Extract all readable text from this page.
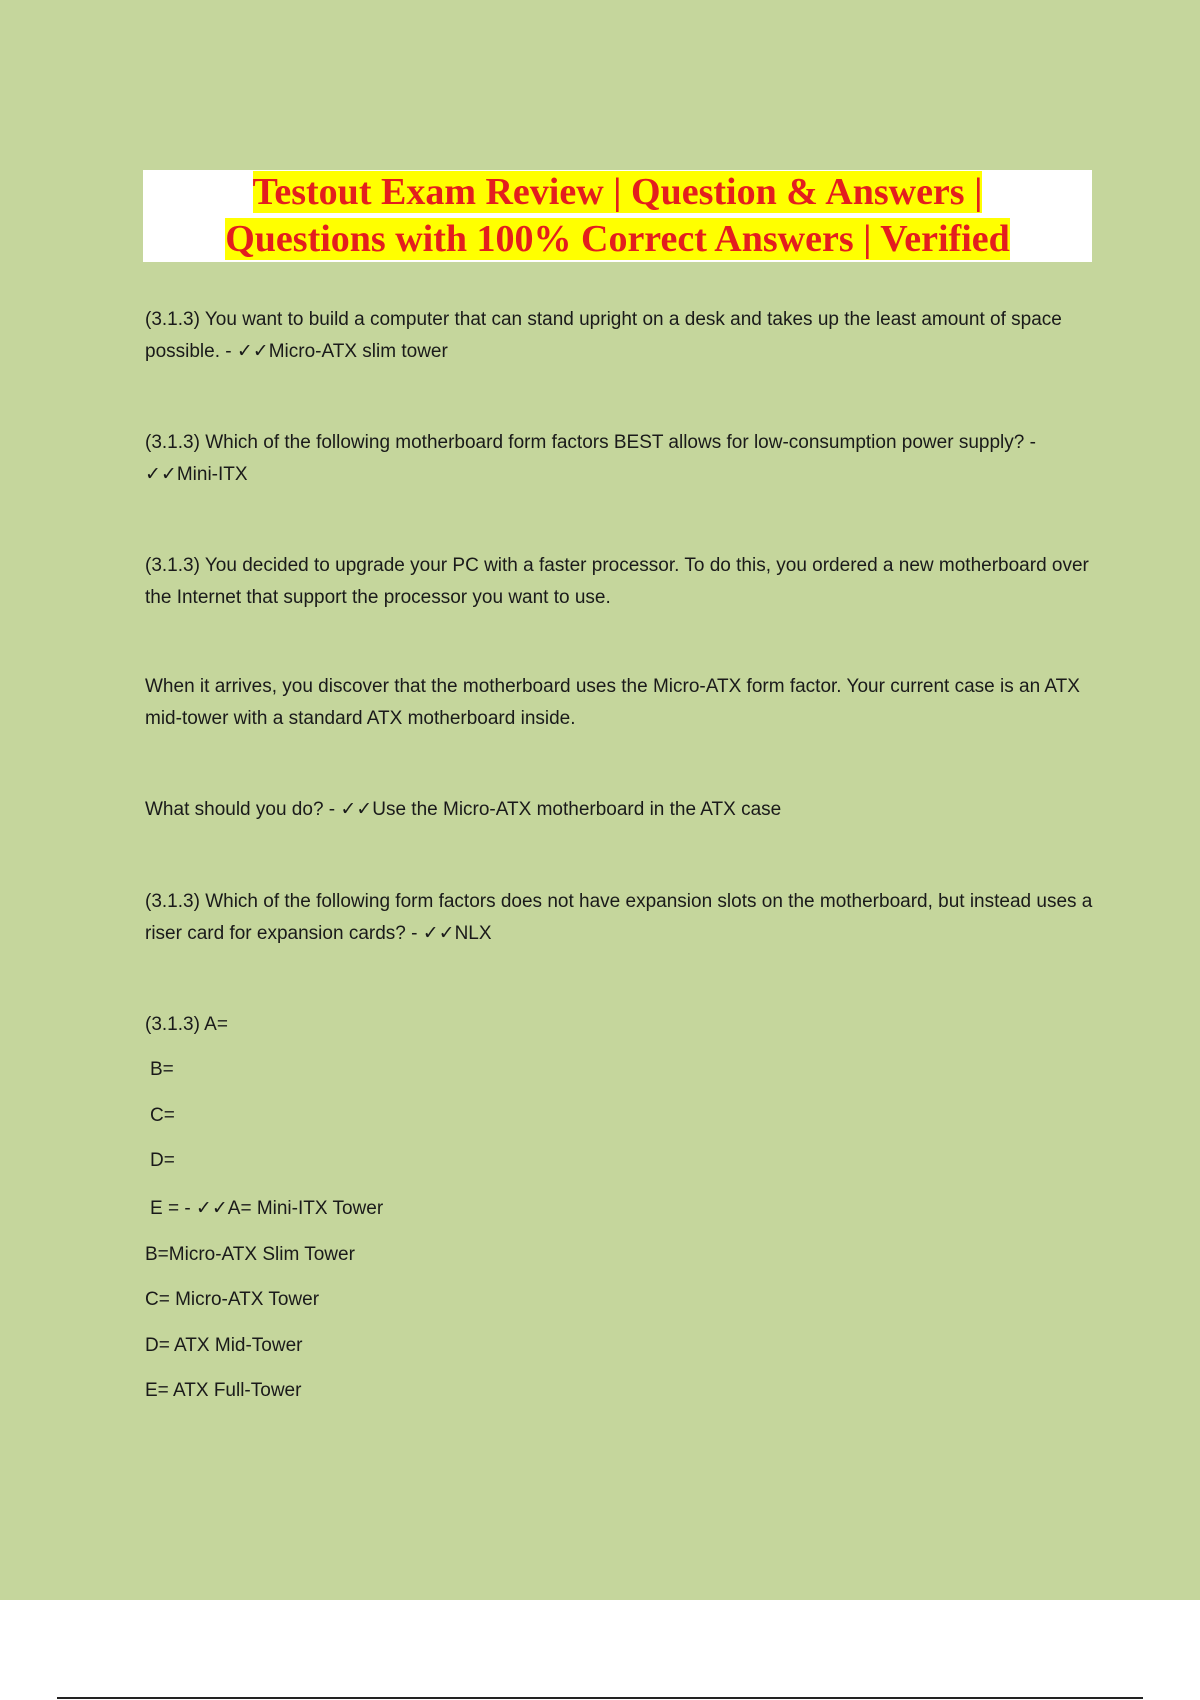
Testout Exam Review | Question & Answers |
Questions with 100% Correct Answers | Verified

(3.1.3) You want to build a computer that can stand upright on a desk and takes up the least amount of space possible. - ✓✓Micro-ATX slim tower

(3.1.3) Which of the following motherboard form factors BEST allows for low-consumption power supply? - ✓✓Mini-ITX

(3.1.3) You decided to upgrade your PC with a faster processor. To do this, you ordered a new motherboard over the Internet that support the processor you want to use.

When it arrives, you discover that the motherboard uses the Micro-ATX form factor. Your current case is an ATX mid-tower with a standard ATX motherboard inside.

What should you do? - ✓✓Use the Micro-ATX motherboard in the ATX case

(3.1.3) Which of the following form factors does not have expansion slots on the motherboard, but instead uses a riser card for expansion cards? - ✓✓NLX

(3.1.3) A=

B=

C=

D=

E = - ✓✓A= Mini-ITX Tower

B=Micro-ATX Slim Tower

C= Micro-ATX Tower

D= ATX Mid-Tower

E= ATX Full-Tower
